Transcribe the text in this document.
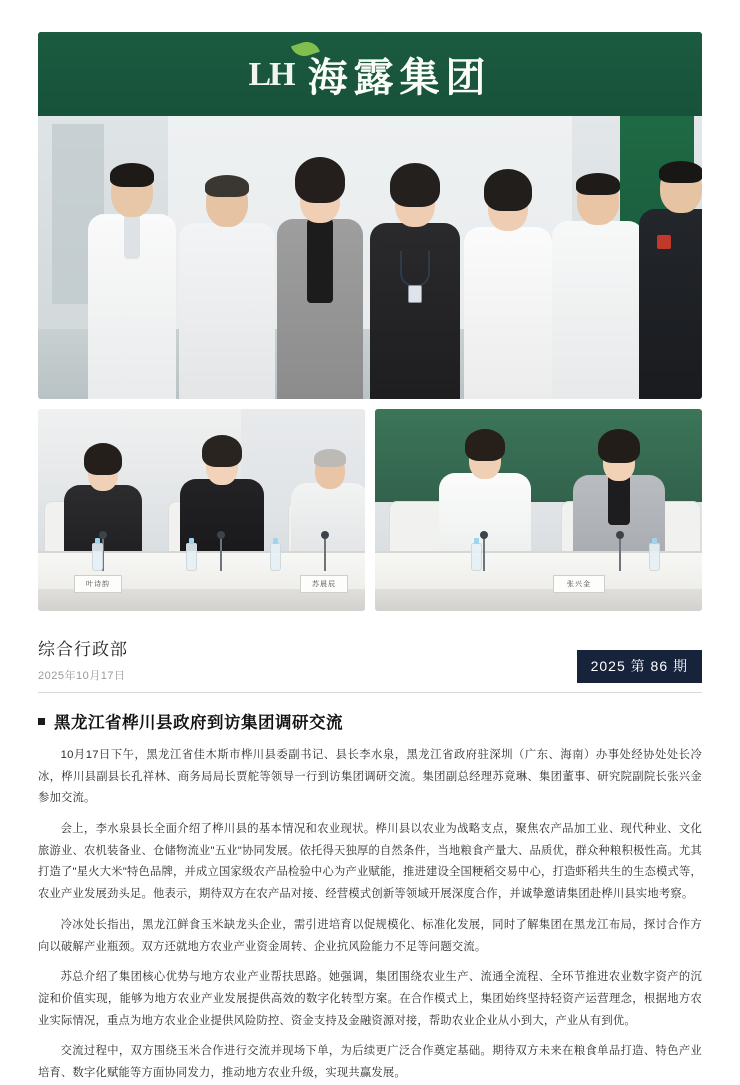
LH 海露集团
叶诗韵	苏晨辰	张兴金
综合行政部
2025年10月17日
2025 第 86 期
黑龙江省桦川县政府到访集团调研交流

10月17日下午，黑龙江省佳木斯市桦川县委副书记、县长李水泉，黑龙江省政府驻深圳（广东、海南）办事处经协处处长冷冰，桦川县副县长孔祥林、商务局局长贾舵等领导一行到访集团调研交流。集团副总经理苏竟琳、集团董事、研究院副院长张兴金参加交流。

会上，李水泉县长全面介绍了桦川县的基本情况和农业现状。桦川县以农业为战略支点，聚焦农产品加工业、现代种业、文化旅游业、农机装备业、仓储物流业"五业"协同发展。依托得天独厚的自然条件，当地粮食产量大、品质优，群众种粮积极性高。尤其打造了"星火大米"特色品牌，并成立国家级农产品检验中心为产业赋能，推进建设全国粳稻交易中心，打造虾稻共生的生态模式等，农业产业发展劲头足。他表示，期待双方在农产品对接、经营模式创新等领域开展深度合作，并诚挚邀请集团赴桦川县实地考察。

冷冰处长指出，黑龙江鲜食玉米缺龙头企业，需引进培育以促规模化、标准化发展，同时了解集团在黑龙江布局，探讨合作方向以破解产业瓶颈。双方还就地方农业产业资金周转、企业抗风险能力不足等问题交流。

苏总介绍了集团核心优势与地方农业产业帮扶思路。她强调，集团围绕农业生产、流通全流程、全环节推进农业数字资产的沉淀和价值实现，能够为地方农业产业发展提供高效的数字化转型方案。在合作模式上，集团始终坚持轻资产运营理念，根据地方农业实际情况，重点为地方农业企业提供风险防控、资金支持及金融资源对接，帮助农业企业从小到大，产业从有到优。

交流过程中，双方围绕玉米合作进行交流并现场下单，为后续更广泛合作奠定基础。期待双方未来在粮食单品打造、特色产业培育、数字化赋能等方面协同发力，推动地方农业升级，实现共赢发展。
